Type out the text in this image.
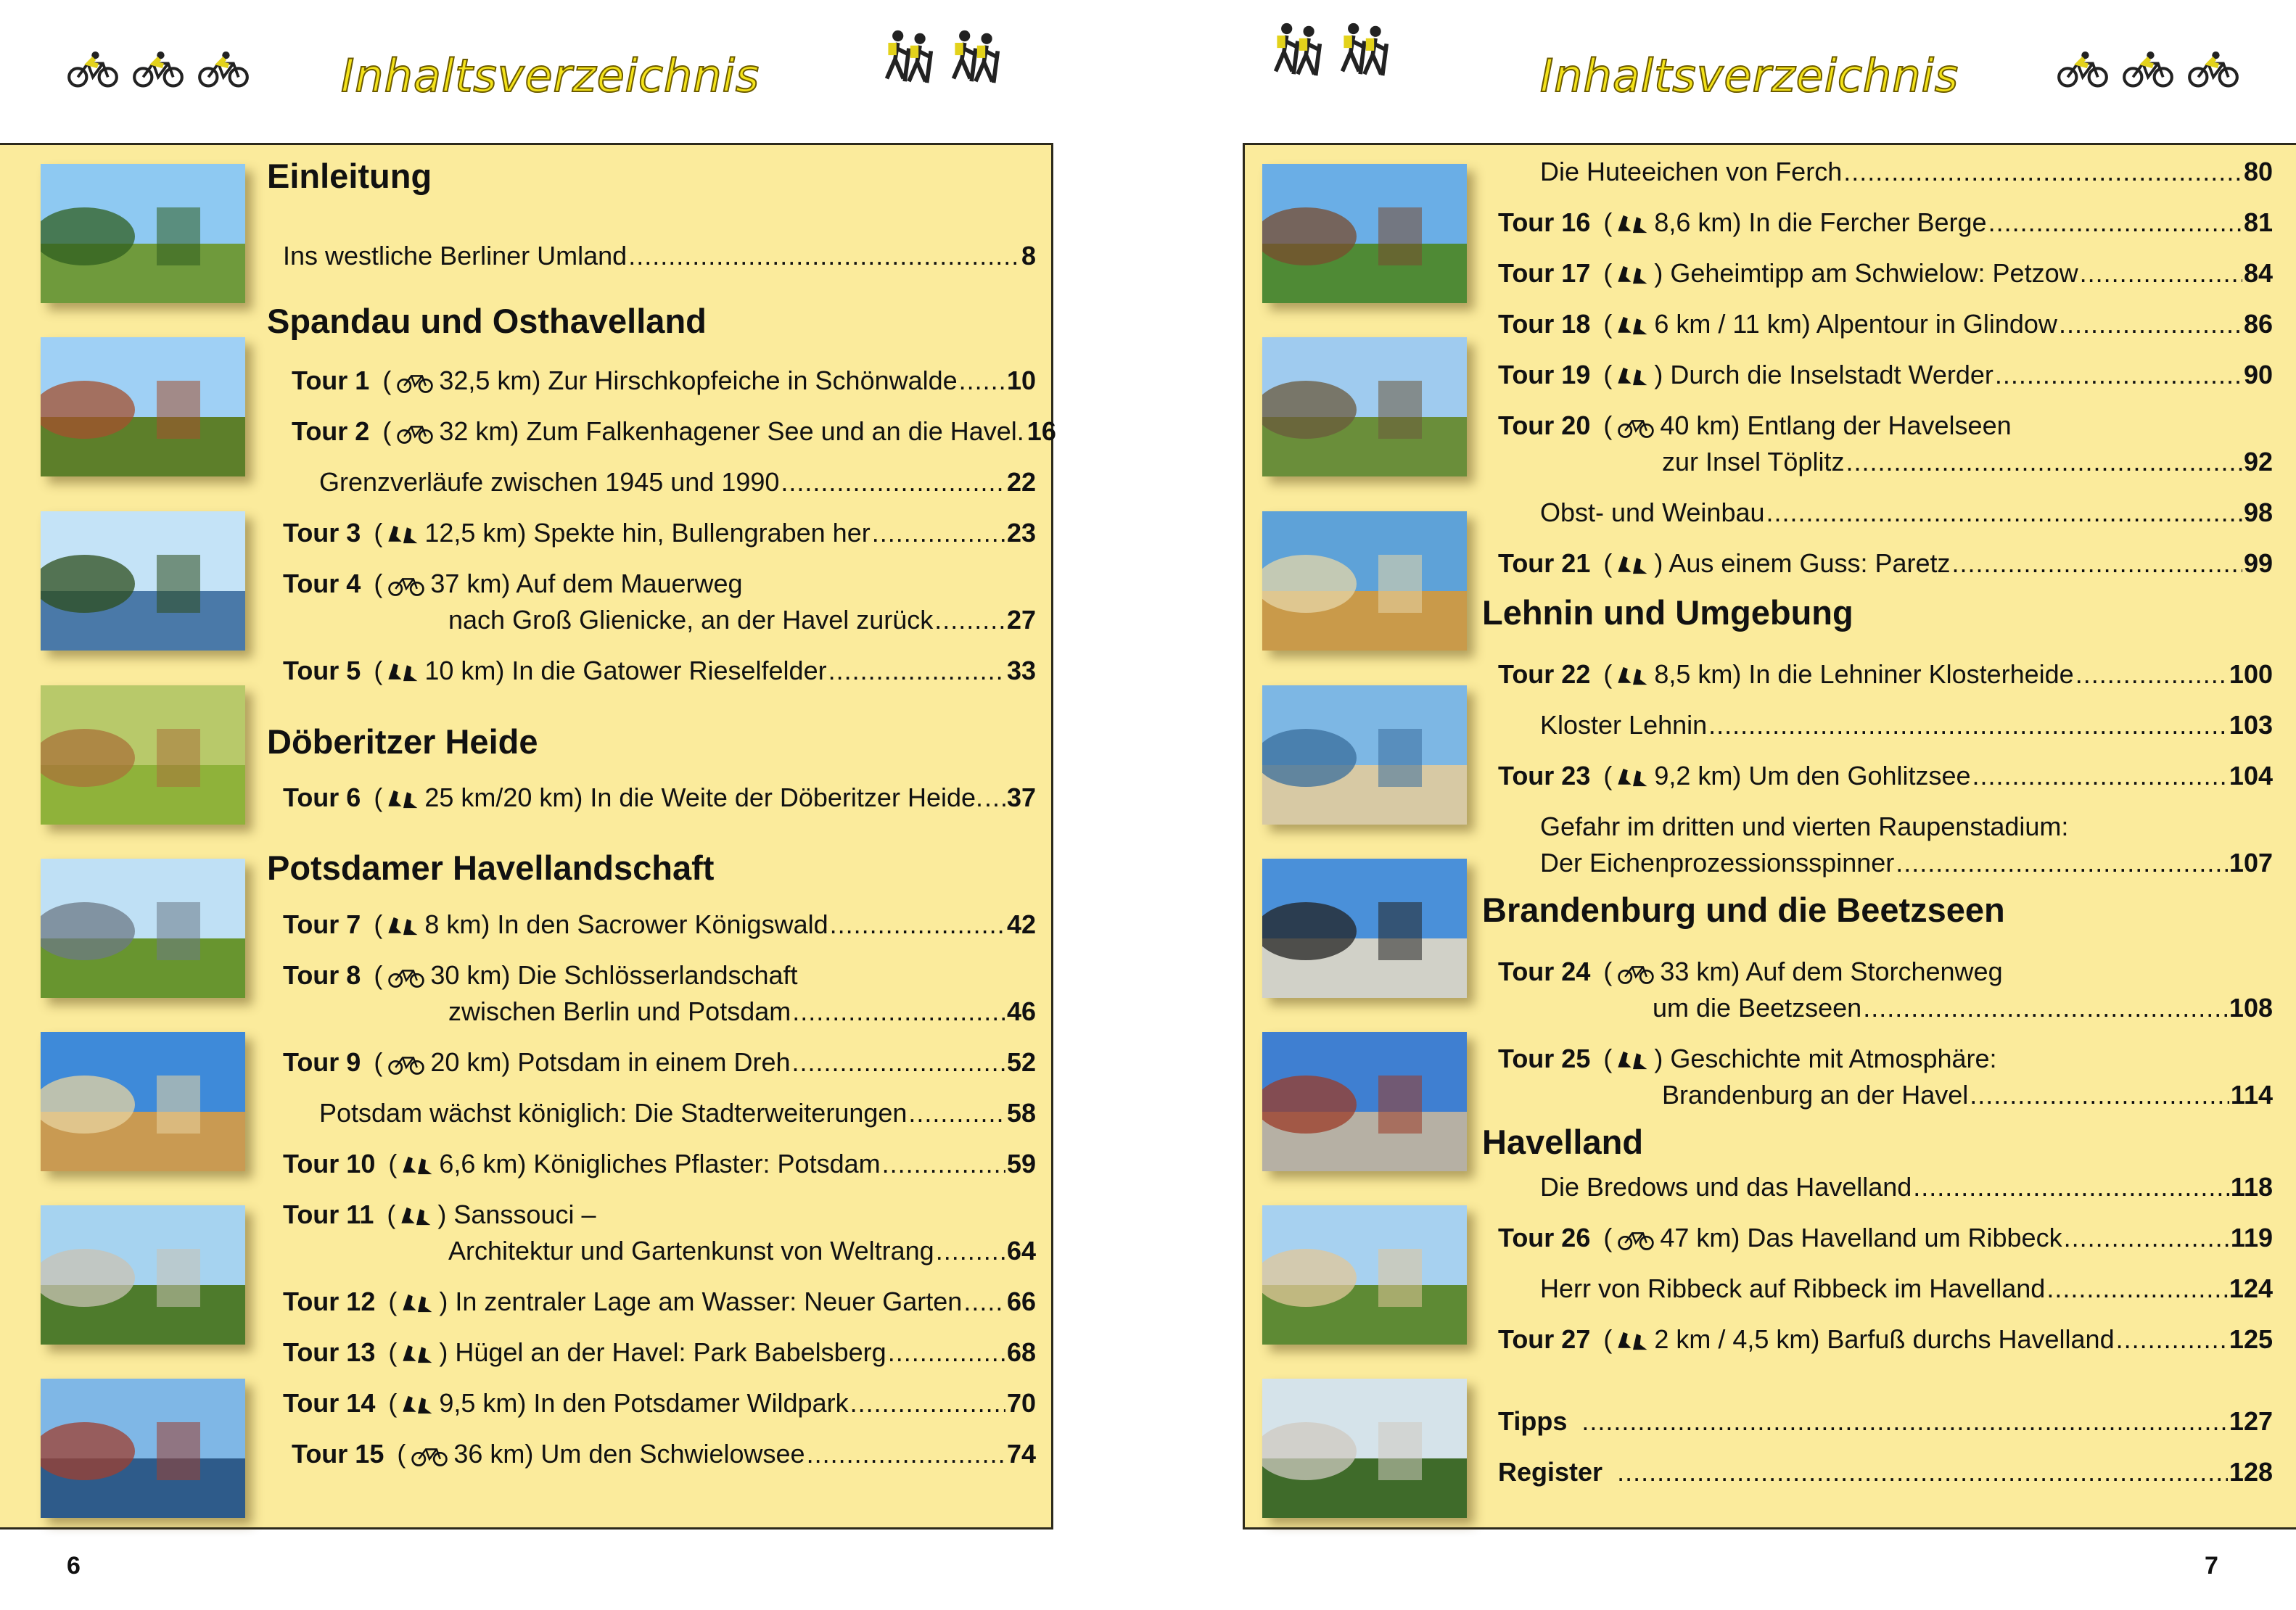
Inhaltsverzeichnis
Einleitung
Ins westliche Berliner Umland .....	8
Spandau und Osthavelland
Tour 1 ( 32,5 km) Zur Hirschkopfeiche in Schönwalde ..... 10
Tour 2 ( 32 km) Zum Falkenhagener See und an die Havel. 16
Grenzverläufe zwischen 1945 und 1990 .....	22
Tour 3 ( 12,5 km) Spekte hin, Bullengraben her .....	23
Tour 4 ( 37 km) Auf dem Mauerweg
nach Groß Glienicke, an der Havel zurück .....	27
Tour 5 ( 10 km) In die Gatower Rieselfelder .....	33
Döberitzer Heide
Tour 6 ( 25 km/20 km) In die Weite der Döberitzer Heide. ..... 37
Potsdamer Havellandschaft
Tour 7 ( 8 km) In den Sacrower Königswald .....	42
Tour 8 ( 30 km) Die Schlösserlandschaft
zwischen Berlin und Potsdam .....	46
Tour 9 ( 20 km) Potsdam in einem Dreh .....	52
Potsdam wächst königlich: Die Stadterweiterungen .....	58
Tour 10 ( 6,6 km) Königliches Pflaster: Potsdam .....	59
Tour 11 ( ) Sanssouci –
Architektur und Gartenkunst von Weltrang .....	64
Tour 12 ( ) In zentraler Lage am Wasser: Neuer Garten ..... 66
Tour 13 ( ) Hügel an der Havel: Park Babelsberg .....	68
Tour 14 ( 9,5 km) In den Potsdamer Wildpark .....	70
Tour 15 ( 36 km) Um den Schwielowsee .....	74
6
Inhaltsverzeichnis
Die Huteeichen von Ferch .....	80
Tour 16 ( 8,6 km) In die Fercher Berge .....	81
Tour 17 ( ) Geheimtipp am Schwielow: Petzow .....	84
Tour 18 ( 6 km / 11 km) Alpentour in Glindow .....	86
Tour 19 ( ) Durch die Inselstadt Werder .....	90
Tour 20 ( 40 km) Entlang der Havelseen
zur Insel Töplitz .....	92
Obst- und Weinbau .....	98
Tour 21 ( ) Aus einem Guss: Paretz .....	99
Lehnin und Umgebung
Tour 22 ( 8,5 km) In die Lehniner Klosterheide .....	100
Kloster Lehnin .....	103
Tour 23 ( 9,2 km) Um den Gohlitzsee .....	104
Gefahr im dritten und vierten Raupenstadium:
Der Eichenprozessionsspinner .....	107
Brandenburg und die Beetzseen
Tour 24 ( 33 km) Auf dem Storchenweg
um die Beetzseen .....	108
Tour 25 ( ) Geschichte mit Atmosphäre:
Brandenburg an der Havel .....	114
Havelland
Die Bredows und das Havelland .....	118
Tour 26 ( 47 km) Das Havelland um Ribbeck .....	119
Herr von Ribbeck auf Ribbeck im Havelland .....	124
Tour 27 ( 2 km / 4,5 km) Barfuß durchs Havelland .....	125
Tipps .....	127
Register .....	128
7
